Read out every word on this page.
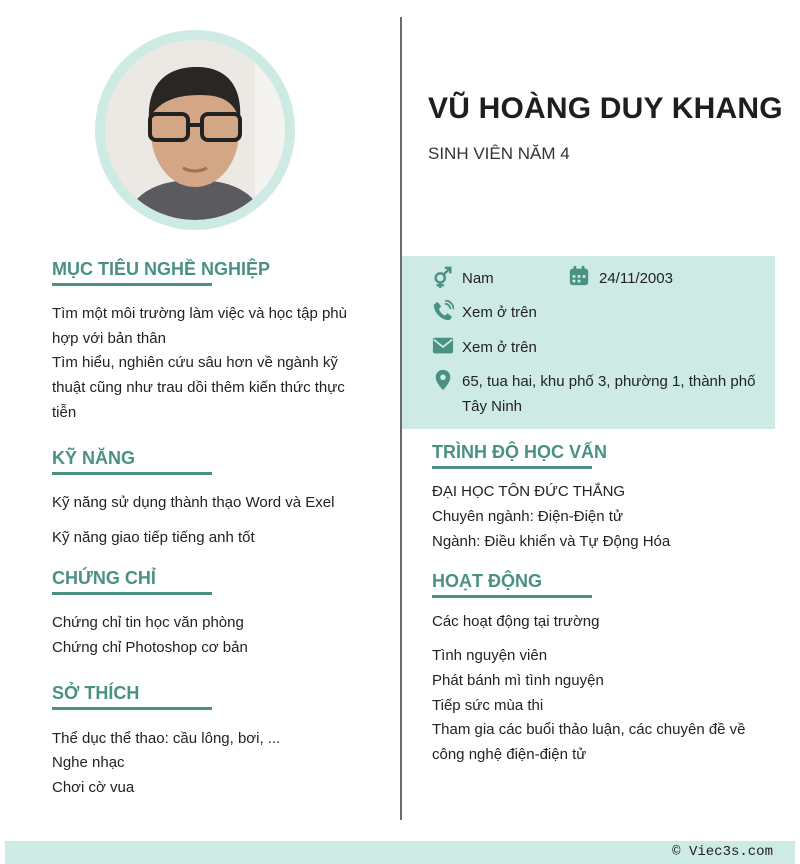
VŨ HOÀNG DUY KHANG
SINH VIÊN NĂM 4
Nam	24/11/2003
Xem ở trên
Xem ở trên
65, tua hai, khu phố 3, phường 1, thành phố
Tây Ninh
MỤC TIÊU NGHỀ NGHIỆP
Tìm một môi trường làm việc và học tập phù
hợp với bản thân
Tìm hiểu, nghiên cứu sâu hơn về ngành kỹ
thuật cũng như trau dồi thêm kiến thức thực
tiễn
KỸ NĂNG
Kỹ năng sử dụng thành thạo Word và Exel
Kỹ năng giao tiếp tiếng anh tốt
CHỨNG CHỈ
Chứng chỉ tin học văn phòng
Chứng chỉ Photoshop cơ bản
SỞ THÍCH
Thể dục thể thao: cầu lông, bơi, ...
Nghe nhạc
Chơi cờ vua
TRÌNH ĐỘ HỌC VẤN
ĐẠI HỌC TÔN ĐỨC THẮNG
Chuyên ngành: Điện-Điện tử
Ngành: Điều khiển và Tự Động Hóa
HOẠT ĐỘNG
Các hoạt động tại trường
Tình nguyện viên
Phát bánh mì tình nguyện
Tiếp sức mùa thi
Tham gia các buổi thảo luận, các chuyên đề về
công nghệ điện-điện tử
© Viec3s.com
